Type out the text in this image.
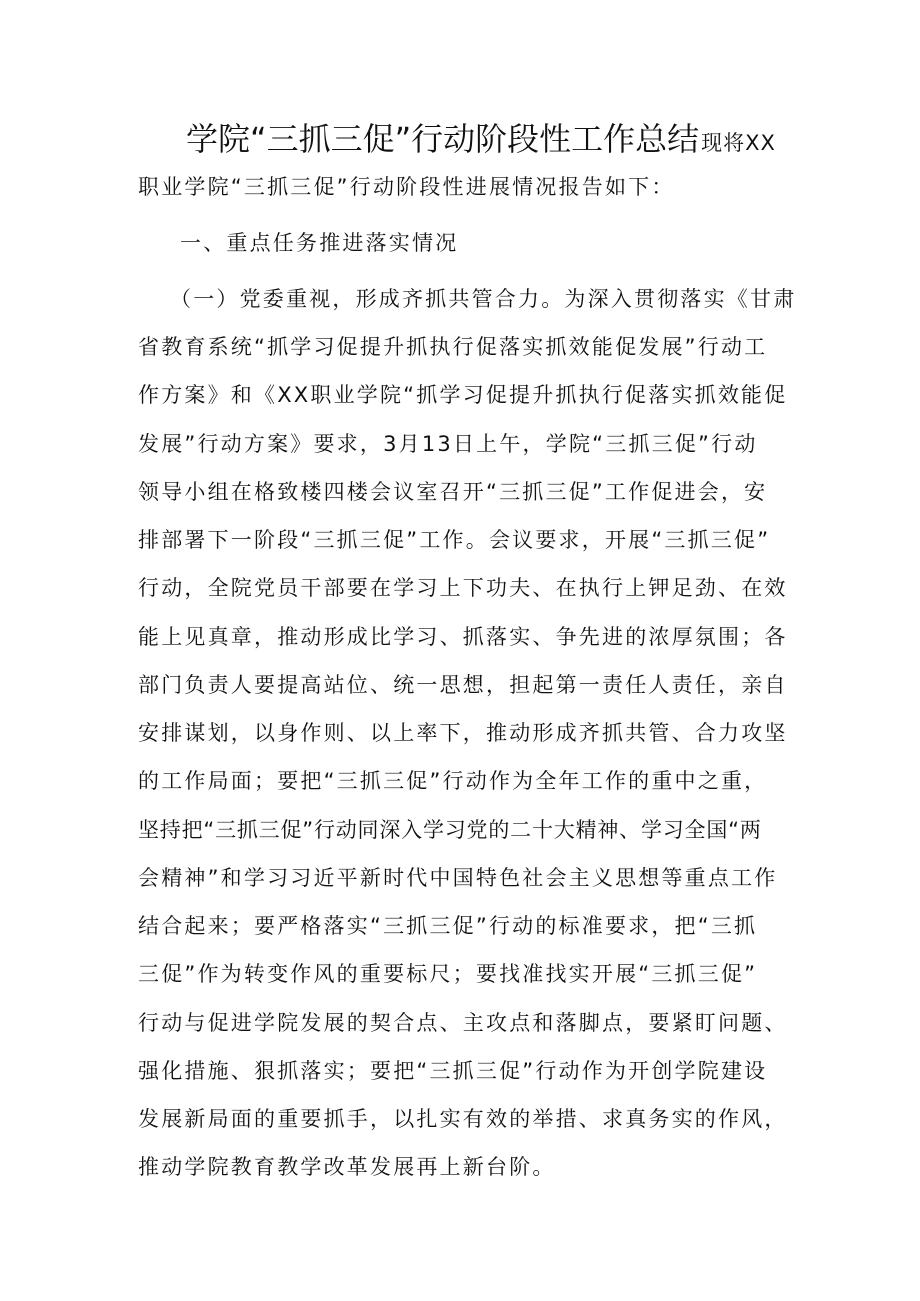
学院“三抓三促”行动阶段性工作总结现将XX
职业学院“三抓三促”行动阶段性进展情况报告如下：
一、重点任务推进落实情况
（一）党委重视，形成齐抓共管合力。为深入贯彻落实《甘肃
省教育系统“抓学习促提升抓执行促落实抓效能促发展”行动工
作方案》和《XX职业学院“抓学习促提升抓执行促落实抓效能促
发展”行动方案》要求，3月13日上午，学院“三抓三促”行动
领导小组在格致楼四楼会议室召开“三抓三促”工作促进会，安
排部署下一阶段“三抓三促”工作。会议要求，开展“三抓三促”
行动，全院党员干部要在学习上下功夫、在执行上钾足劲、在效
能上见真章，推动形成比学习、抓落实、争先进的浓厚氛围；各
部门负责人要提高站位、统一思想，担起第一责任人责任，亲自
安排谋划，以身作则、以上率下，推动形成齐抓共管、合力攻坚
的工作局面；要把“三抓三促”行动作为全年工作的重中之重，
坚持把“三抓三促”行动同深入学习党的二十大精神、学习全国“两
会精神”和学习习近平新时代中国特色社会主义思想等重点工作
结合起来；要严格落实“三抓三促”行动的标准要求，把“三抓
三促”作为转变作风的重要标尺；要找准找实开展“三抓三促”
行动与促进学院发展的契合点、主攻点和落脚点，要紧盯问题、
强化措施、狠抓落实；要把“三抓三促”行动作为开创学院建设
发展新局面的重要抓手，以扎实有效的举措、求真务实的作风，
推动学院教育教学改革发展再上新台阶。
